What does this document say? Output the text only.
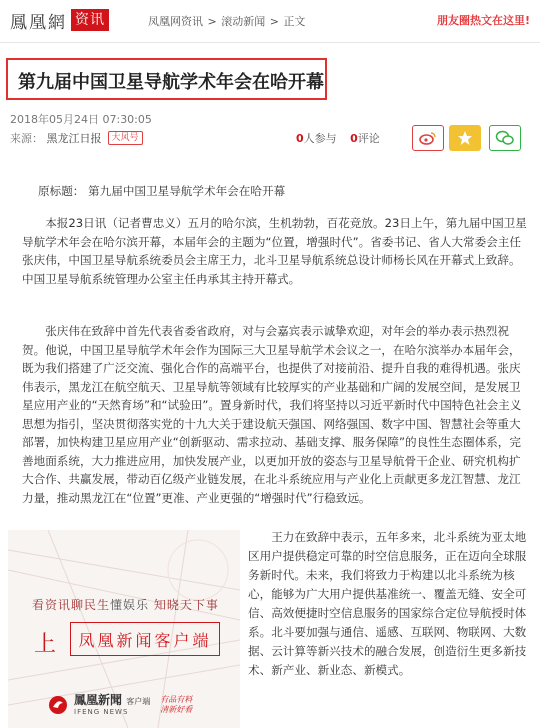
鳳凰網 资讯	凤凰网资讯 > 滚动新闻 > 正文	朋友圈热文在这里!
第九届中国卫星导航学术年会在哈开幕
2018年05月24日 07:30:05
来源： 黑龙江日报	大风号	0人参与 0评论
原标题： 第九届中国卫星导航学术年会在哈开幕
本报23日讯（记者曹忠义）五月的哈尔滨，生机勃勃，百花竞放。23日上午，第九届中国卫星导航学术年会在哈尔滨开幕，本届年会的主题为“位置，增强时代”。省委书记、省人大常委会主任张庆伟，中国卫星导航系统委员会主席王力，北斗卫星导航系统总设计师杨长风在开幕式上致辞。中国卫星导航系统管理办公室主任冉承其主持开幕式。
张庆伟在致辞中首先代表省委省政府，对与会嘉宾表示诚挚欢迎，对年会的举办表示热烈祝贺。他说，中国卫星导航学术年会作为国际三大卫星导航学术会议之一，在哈尔滨举办本届年会，既为我们搭建了广泛交流、强化合作的高端平台，也提供了对接前沿、提升自我的难得机遇。张庆伟表示，黑龙江在航空航天、卫星导航等领域有比较厚实的产业基础和广阔的发展空间，是发展卫星应用产业的“天然育场”和“试验田”。置身新时代，我们将坚持以习近平新时代中国特色社会主义思想为指引，坚决贯彻落实党的十九大关于建设航天强国、网络强国、数字中国、智慧社会等重大部署，加快构建卫星应用产业“创新驱动、需求拉动、基础支撑、服务保障”的良性生态圈体系，完善地面系统，大力推进应用，加快发展产业，以更加开放的姿态与卫星导航骨干企业、研究机构扩大合作、共赢发展，带动百亿级产业链发展，在北斗系统应用与产业化上贡献更多龙江智慧、龙江力量，推动黑龙江在“位置”更准、产业更强的“增强时代”行稳致远。
王力在致辞中表示，五年多来，北斗系统为亚太地区用户提供稳定可靠的时空信息服务，正在迈向全球服务新时代。未来，我们将致力于构建以北斗系统为核心，能够为广大用户提供基准统一、覆盖无缝、安全可信、高效便捷时空信息服务的国家综合定位导航授时体系。北斗要加强与通信、遥感、互联网、物联网、大数据、云计算等新兴技术的融合发展，创造衍生更多新技术、新产业、新业态、新模式。
看资讯聊民生懂娱乐 知晓天下事
上	凤凰新闻客户端
鳳凰新聞 客户端
IFENG NEWS
有品有料 清新好看
